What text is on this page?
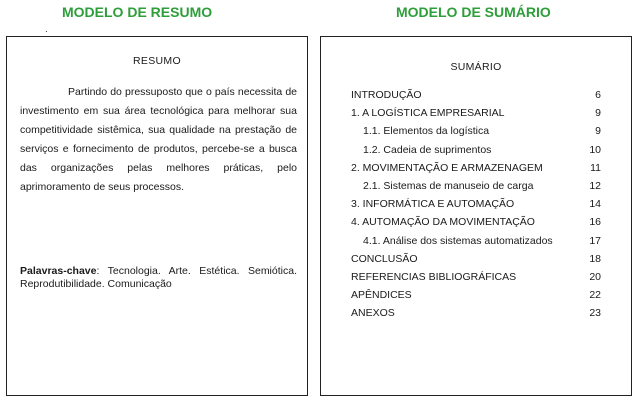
MODELO DE RESUMO	MODELO DE SUMÁRIO
.
RESUMO

Partindo do pressuposto que o país necessita de investimento em sua área tecnológica para melhorar sua competitividade sistêmica, sua qualidade na prestação de serviços e fornecimento de produtos, percebe-se a busca das organizações pelas melhores práticas, pelo aprimoramento de seus processos.

Palavras-chave: Tecnologia. Arte. Estética. Semiótica. Reprodutibilidade. Comunicação

SUMÁRIO
INTRODUÇÃO	6
1. A LOGÍSTICA EMPRESARIAL	9
1.1. Elementos da logística	9
1.2. Cadeia de suprimentos	10
2. MOVIMENTAÇÃO E ARMAZENAGEM	11
2.1. Sistemas de manuseio de carga	12
3. INFORMÁTICA E AUTOMAÇÃO	14
4. AUTOMAÇÃO DA MOVIMENTAÇÃO	16
4.1. Análise dos sistemas automatizados	17
CONCLUSÃO	18
REFERENCIAS BIBLIOGRÁFICAS	20
APÊNDICES	22
ANEXOS	23
